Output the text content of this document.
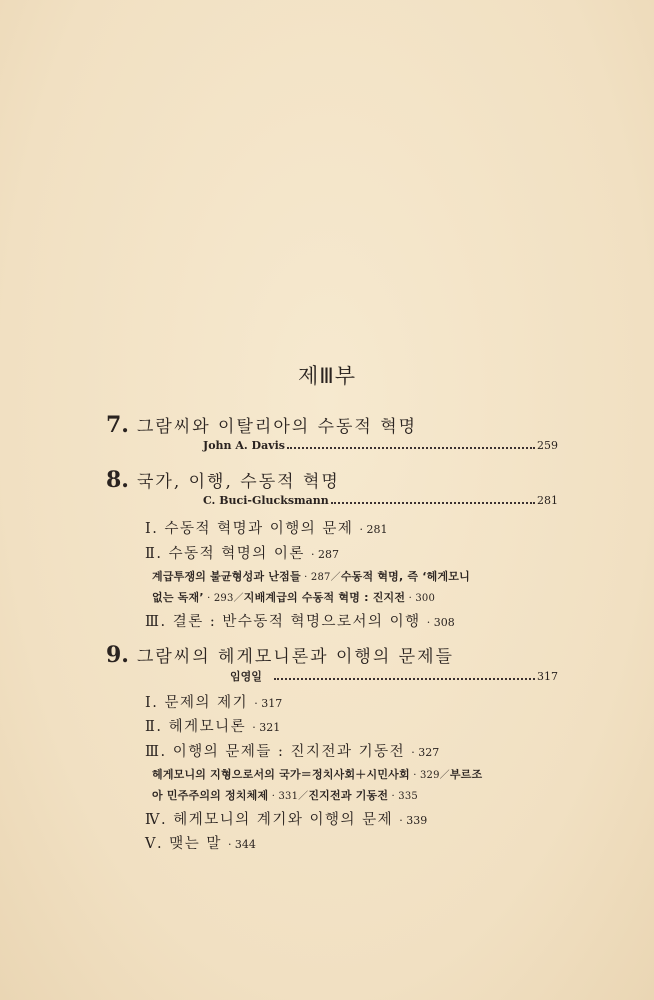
제Ⅲ부
7. 그람씨와 이탈리아의 수동적 혁명
John A. Davis	259
8. 국가, 이행, 수동적 혁명
C. Buci-Glucksmann	281
Ⅰ. 수동적 혁명과 이행의 문제 · 281
Ⅱ. 수동적 혁명의 이론 · 287
계급투쟁의 불균형성과 난점들 · 287／수동적 혁명, 즉 ‘헤게모니
없는 독재’ · 293／지배계급의 수동적 혁명 : 진지전 · 300
Ⅲ. 결론 : 반수동적 혁명으로서의 이행 · 308
9. 그람씨의 헤게모니론과 이행의 문제들
임영일	317
Ⅰ. 문제의 제기 · 317
Ⅱ. 헤게모니론 · 321
Ⅲ. 이행의 문제들 : 진지전과 기동전 · 327
헤게모니의 지형으로서의 국가＝정치사회＋시민사회 · 329／부르조
아 민주주의의 정치체제 · 331／진지전과 기동전 · 335
Ⅳ. 헤게모니의 계기와 이행의 문제 · 339
Ⅴ. 맺는 말 · 344
